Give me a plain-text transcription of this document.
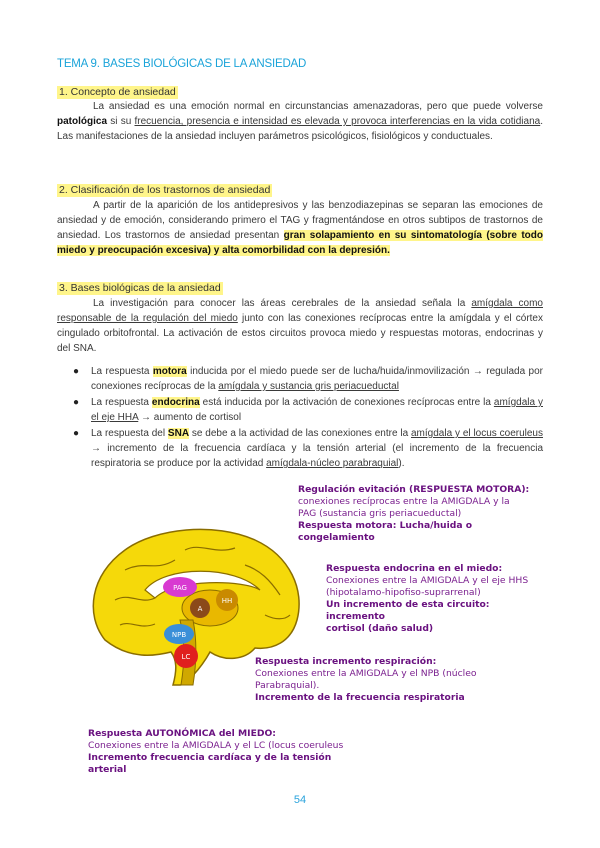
TEMA 9. BASES BIOLÓGICAS DE LA ANSIEDAD
1. Concepto de ansiedad
La ansiedad es una emoción normal en circunstancias amenazadoras, pero que puede volverse patológica si su frecuencia, presencia e intensidad es elevada y provoca interferencias en la vida cotidiana. Las manifestaciones de la ansiedad incluyen parámetros psicológicos, fisiológicos y conductuales.
2. Clasificación de los trastornos de ansiedad
A partir de la aparición de los antidepresivos y las benzodiazepinas se separan las emociones de ansiedad y de emoción, considerando primero el TAG y fragmentándose en otros subtipos de trastornos de ansiedad. Los trastornos de ansiedad presentan gran solapamiento en su sintomatología (sobre todo miedo y preocupación excesiva) y alta comorbilidad con la depresión.
3. Bases biológicas de la ansiedad
La investigación para conocer las áreas cerebrales de la ansiedad señala la amígdala como responsable de la regulación del miedo junto con las conexiones recíprocas entre la amígdala y el córtex cingulado orbitofrontal. La activación de estos circuitos provoca miedo y respuestas motoras, endocrinas y del SNA.
● La respuesta motora inducida por el miedo puede ser de lucha/huida/inmovilización → regulada por conexiones recíprocas de la amígdala y sustancia gris periacueductal
● La respuesta endocrina está inducida por la activación de conexiones recíprocas entre la amígdala y el eje HHA → aumento de cortisol
● La respuesta del SNA se debe a la actividad de las conexiones entre la amígdala y el locus coeruleus → incremento de la frecuencia cardíaca y la tensión arterial (el incremento de la frecuencia respiratoria se produce por la actividad amígdala-núcleo parabraquial).
PAG
A
HH
NPB
LC
Regulación evitación (RESPUESTA MOTORA):
conexiones recíprocas entre la AMIGDALA y la
PAG (sustancia gris periacueductal)
Respuesta motora: Lucha/huida o
congelamiento
Respuesta endocrina en el miedo:
Conexiones entre la AMIGDALA y el eje HHS
(hipotalamo-hipofiso-suprarrenal)
Un incremento de esta circuito: incremento
cortisol (daño salud)
Respuesta incremento respiración:
Conexiones entre la AMIGDALA y el NPB (núcleo
Parabraquial).
Incremento de la frecuencia respiratoria
Respuesta AUTONÓMICA del MIEDO:
Conexiones entre la AMIGDALA y el LC (locus coeruleus
Incremento frecuencia cardíaca y de la tensión
arterial
54
